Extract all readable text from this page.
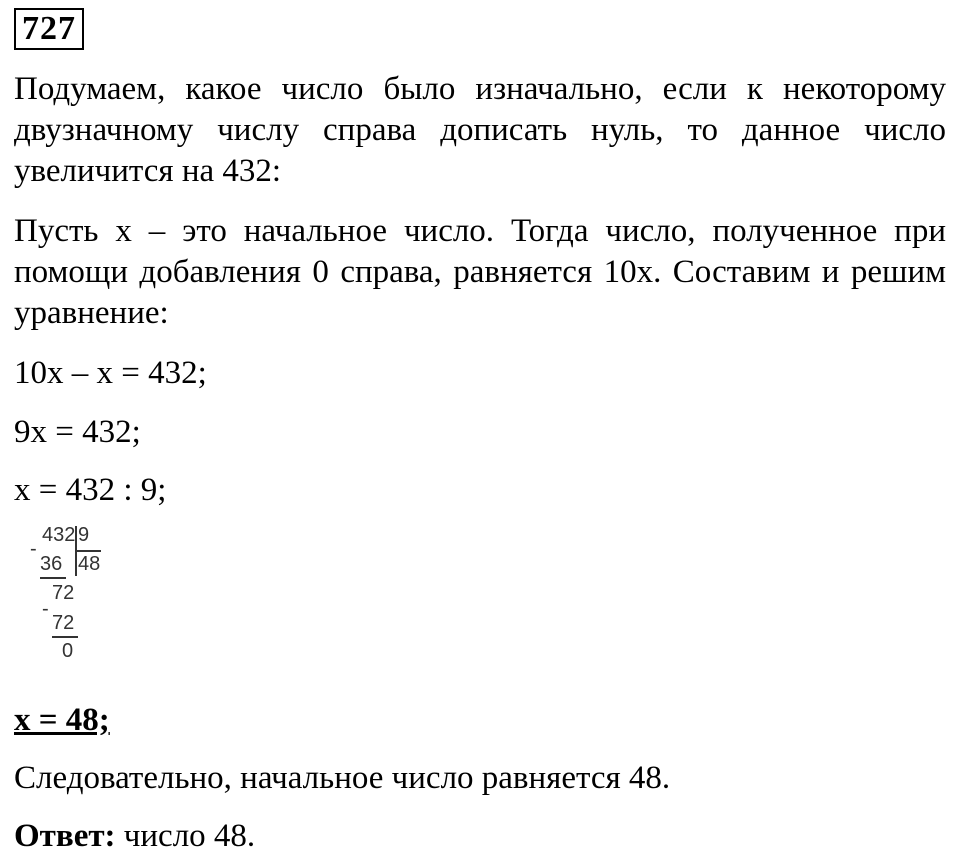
727

Подумаем, какое число было изначально, если к некоторому двузначному числу справа дописать нуль, то данное число увеличится на 432:

Пусть x – это начальное число. Тогда число, полученное при помощи добавления 0 справа, равняется 10x. Составим и решим уравнение:

10x – x = 432;
9x = 432;
x = 432 : 9;
432 9
-
36 48
72
-
72
0
x = 48;
Следовательно, начальное число равняется 48.
Ответ: число 48.
